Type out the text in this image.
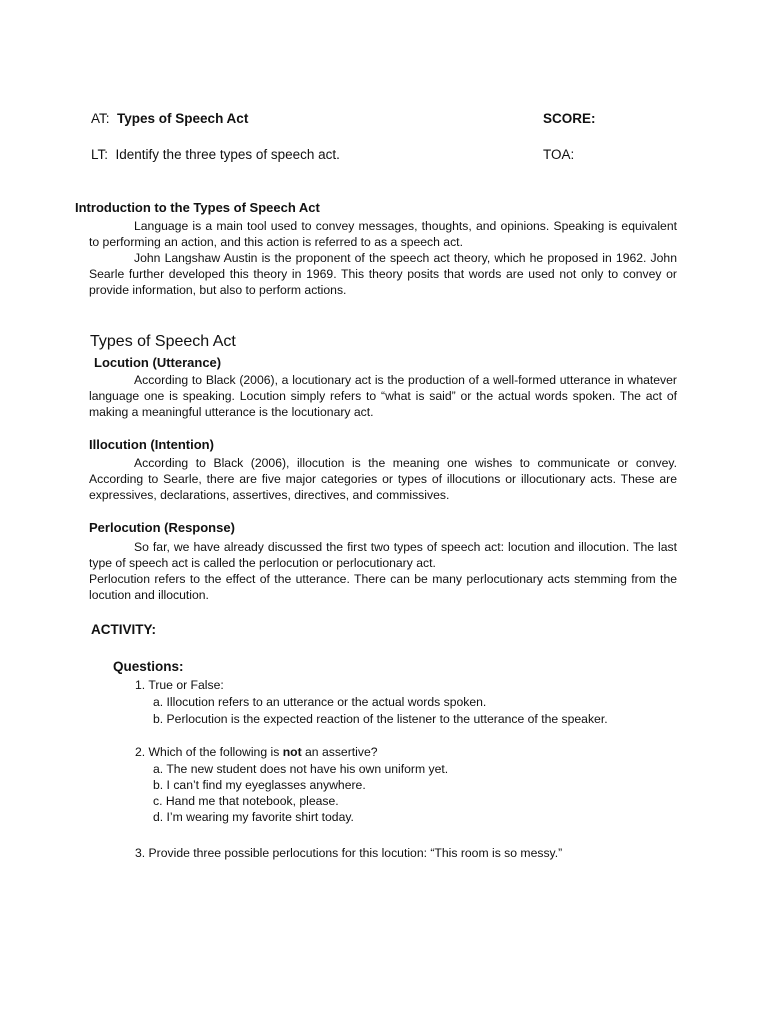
AT: Types of Speech Act	SCORE:
LT: Identify the three types of speech act.	TOA:
Introduction to the Types of Speech Act
Language is a main tool used to convey messages, thoughts, and opinions. Speaking is equivalent to performing an action, and this action is referred to as a speech act.
John Langshaw Austin is the proponent of the speech act theory, which he proposed in 1962. John Searle further developed this theory in 1969. This theory posits that words are used not only to convey or provide information, but also to perform actions.
Types of Speech Act
Locution (Utterance)
According to Black (2006), a locutionary act is the production of a well-formed utterance in whatever language one is speaking. Locution simply refers to “what is said” or the actual words spoken. The act of making a meaningful utterance is the locutionary act.
Illocution (Intention)
According to Black (2006), illocution is the meaning one wishes to communicate or convey. According to Searle, there are five major categories or types of illocutions or illocutionary acts. These are expressives, declarations, assertives, directives, and commissives.
Perlocution (Response)
So far, we have already discussed the first two types of speech act: locution and illocution. The last type of speech act is called the perlocution or perlocutionary act.
Perlocution refers to the effect of the utterance. There can be many perlocutionary acts stemming from the locution and illocution.
ACTIVITY:
Questions:
1. True or False:
a. Illocution refers to an utterance or the actual words spoken.
b. Perlocution is the expected reaction of the listener to the utterance of the speaker.
2. Which of the following is not an assertive?
a. The new student does not have his own uniform yet.
b. I can’t find my eyeglasses anywhere.
c. Hand me that notebook, please.
d. I’m wearing my favorite shirt today.
3. Provide three possible perlocutions for this locution: “This room is so messy.”
